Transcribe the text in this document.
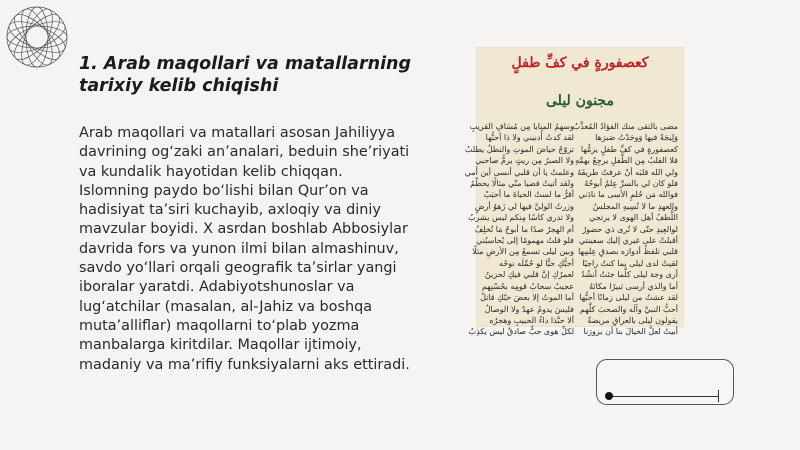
1. Arab maqollari va matallarning
tarixiy kelib chiqishi

Arab maqollari va matallari asosan Jahiliyya
davrining og‘zaki an’analari, beduin she’riyati
va kundalik hayotidan kelib chiqqan.
Islomning paydo bo‘lishi bilan Qur’on va
hadisiyat ta’siri kuchayib, axloqiy va diniy
mavzular boyidi. X asrdan boshlab Abbosiylar
davrida fors va yunon ilmi bilan almashinuv,
savdo yo‘llari orqali geografik ta’sirlar yangi
iboralar yaratdi. Adabiyotshunoslar va
lug‘atchilar (masalan, al-Jahiz va boshqa
muta’alliflar) maqollarni to‘plab yozma
manbalarga kiritdilar. Maqollar ijtimoiy,
madaniy va ma’rifiy funksiyalarni aks ettiradi.

كعصفورةٍ في كفِّ طفلٍ
مجنون ليلى
مضى بالتقى منك الفؤادُ المُعذَّبُ
وَلِيجَةً فيها وَوجَدْتُ صَبرَها
كعصفورةٍ في كفِّ طفلٍ يزمُّها
فلا القلبُ مِن الطَّفلِ يرجِعُ بهمِّهِ
ولي الله قلبَه أنْ عرفتُ طريقَهُ
فلو كان لي بالسرِّ عِلمٌ أبوحُهُ
فوالله مَن حُلمِ الأسى ما نادَني
والعهدِ ما لا نُسِيهِ المجلسُ
اللُّطفُ أهل الهوى لا يرتجي
لوالعِيدِ حتّى لا تُرى ذي حضورُ
أقبلتْ على غيري إليك سفينتي
قلبي تلفظُ أدوارَه بصدقِ عِلمِها
لقيتُ لدى ليلى بما كنتُ راجيًا
أرى وجهَ ليلى كلَّما جئتُ أنشُدُ
أما والذي أرسى ثبيرًا مكانَهُ
لقد عشتُ من ليلى زمانًا أحبُّها
أحبُّ النبيَّ وآلَه والصحبَ كلَّهم
يقولون ليلى بالعراقِ مريضةٌ
أبيتُ لعلَّ الخيالَ بنا أن يزورَنا
وسهمُ المنايا مِن مُسَافِ القريبِ
لقد كدتُ أُدنيني ولا ذا أحبُّها
تزوّجُ حياضَ الموتِ والنطلُ يطلبُ
ولا الصبرُ مِن ريثٍ يرمُّ صاحبي
وعلمتُ يا أن قلبي أنسى أين أَمي
ولقد أتيتُ فضيا منّي مثالًا يحطّمُ
أقرُّ ما لستُ الحياةَ ما أحبَبْ
وزرتُ الوليَّ فيها لي زَهوُ أرضٍ
ولا تدري كاسًا مِنكم ليس يشربُ
أم الهجرُ صدًا ما أبوحُ مَا تُخلِفُ
فلو قلتُ مهمومًا إلى يُحاسبُني
وبين ليلى تسمعُ مِن الأرضِ مثلًا
أحبُّكِ حبًّا لو حُمِّلَه نوحُه
لعمرُكِ إنَّ قلبي فيكِ لحزينُ
عجيبٌ سحابُ قومِه بحُسْنِهم
أما الموتُ إلا بعضَ حبّكِ قاتلُ
فليسَ يدومُ عهدٌ ولا الوصالُ
ألا حبَّذا داءُ الحبيبِ وهجرُه
لكلِّ هوى حبٌّ صادقٌ ليس يكذِبُ
